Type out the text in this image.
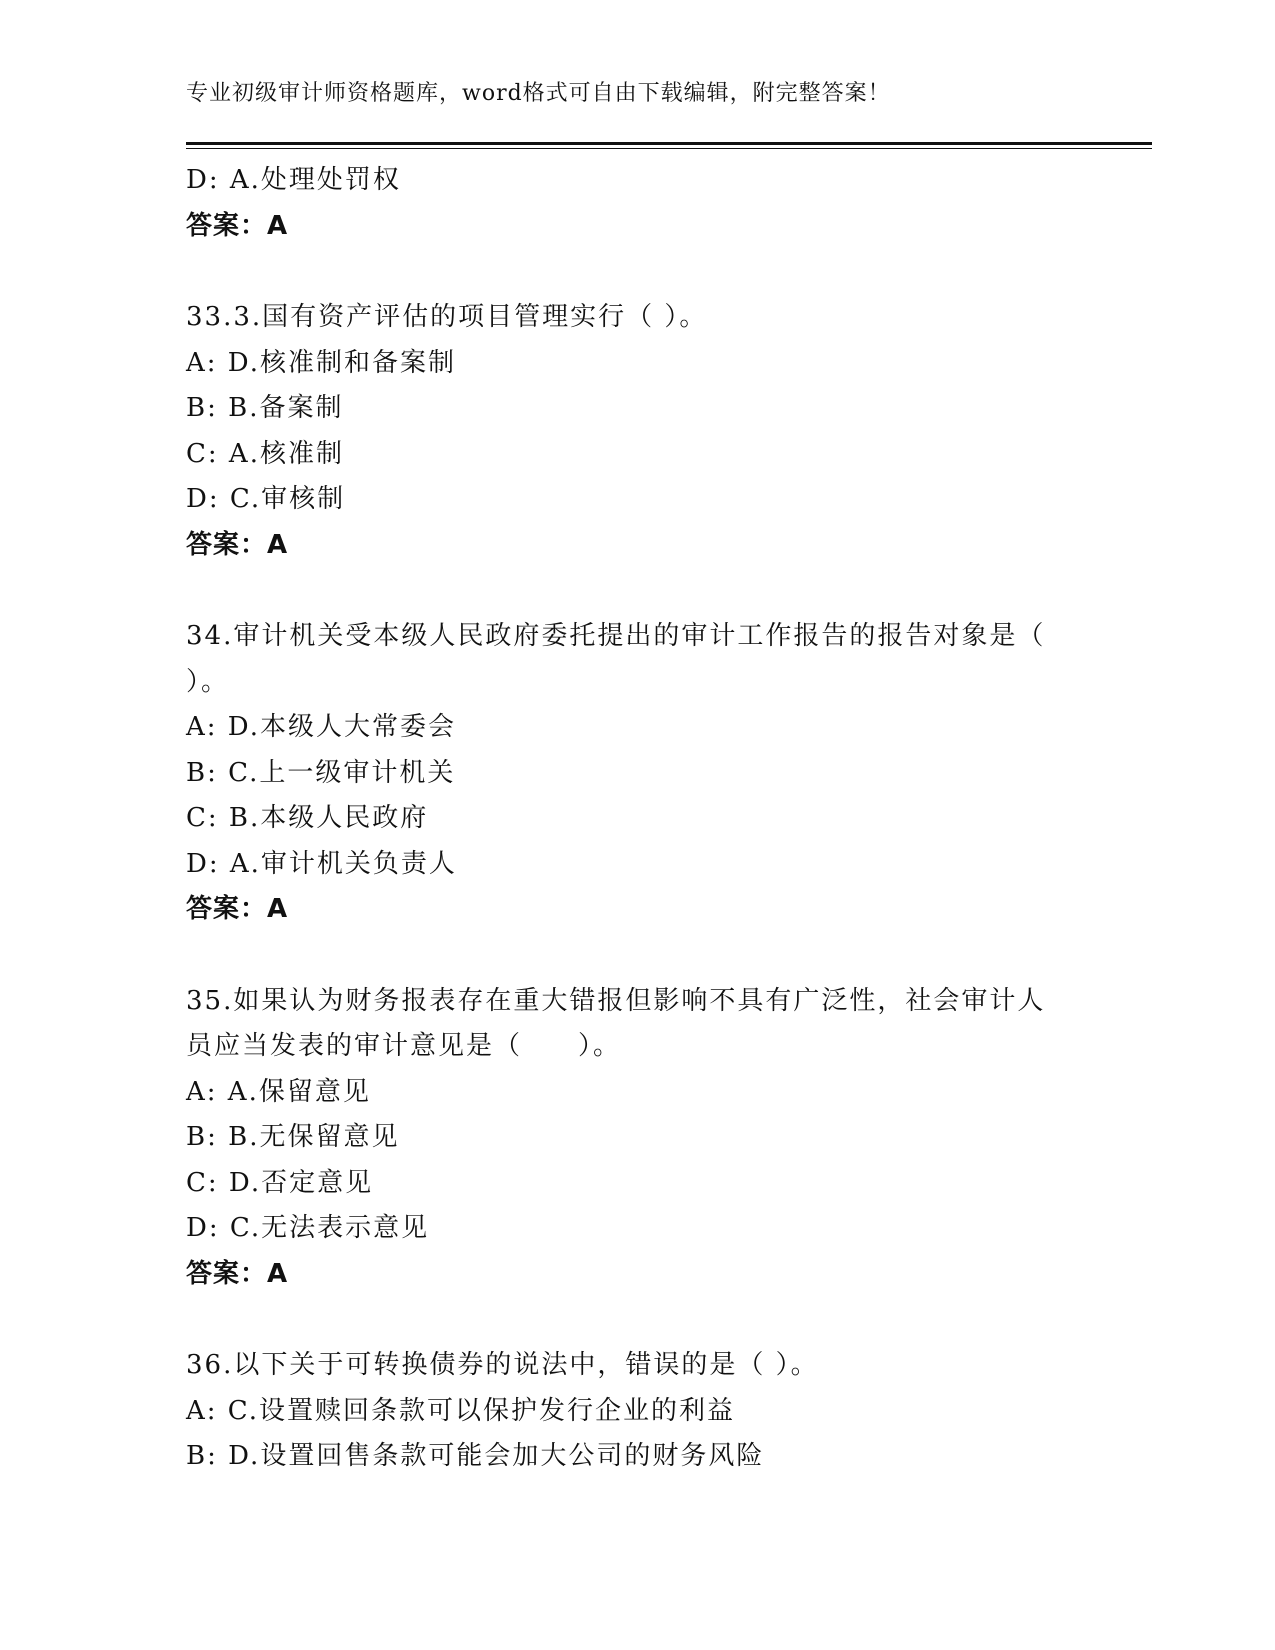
专业初级审计师资格题库，word格式可自由下载编辑，附完整答案！
D: A.处理处罚权
答案：A
33.3.国有资产评估的项目管理实行（ ）。
A: D.核准制和备案制
B: B.备案制
C: A.核准制
D: C.审核制
答案：A
34.审计机关受本级人民政府委托提出的审计工作报告的报告对象是（ ）。
A: D.本级人大常委会
B: C.上一级审计机关
C: B.本级人民政府
D: A.审计机关负责人
答案：A
35.如果认为财务报表存在重大错报但影响不具有广泛性，社会审计人员应当发表的审计意见是（　　）。
A: A.保留意见
B: B.无保留意见
C: D.否定意见
D: C.无法表示意见
答案：A
36.以下关于可转换债券的说法中，错误的是（ ）。
A: C.设置赎回条款可以保护发行企业的利益
B: D.设置回售条款可能会加大公司的财务风险
